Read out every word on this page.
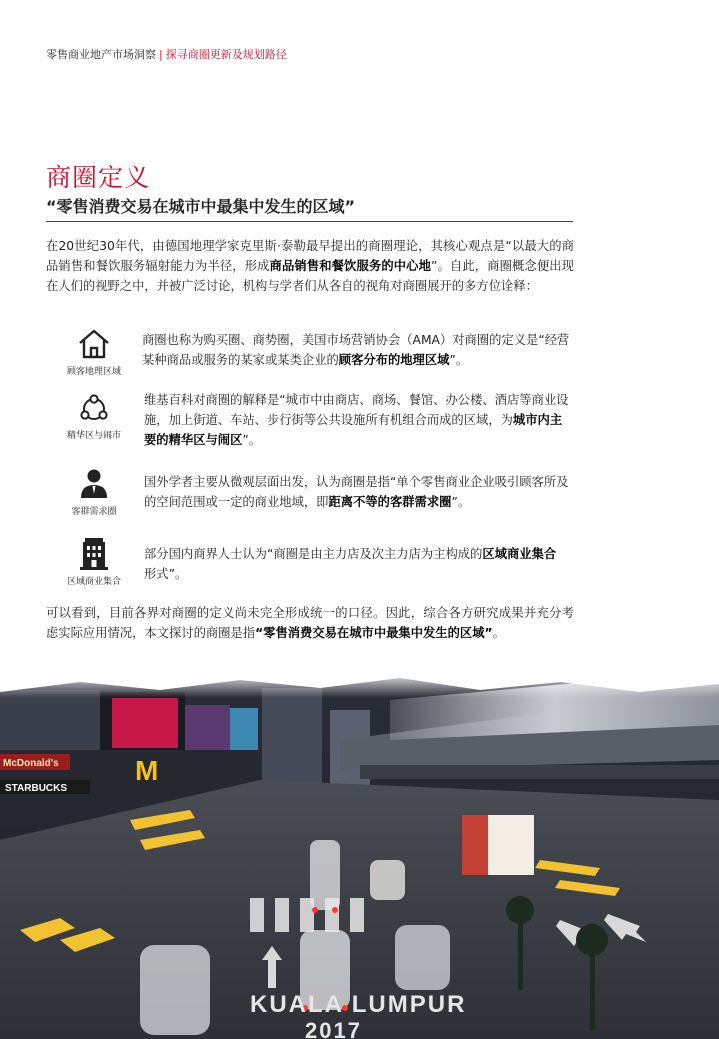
零售商业地产市场洞察 | 探寻商圈更新及规划路径
商圈定义
“零售消费交易在城市中最集中发生的区域”
在20世纪30年代，由德国地理学家克里斯·泰勒最早提出的商圈理论，其核心观点是“以最大的商品销售和餐饮服务辐射能力为半径，形成商品销售和餐饮服务的中心地”。自此，商圈概念便出现在人们的视野之中，并被广泛讨论，机构与学者们从各自的视角对商圈展开的多方位诠释：
顾客地理区域
商圈也称为购买圈、商势圈，美国市场营销协会（AMA）对商圈的定义是“经营某种商品或服务的某家或某类企业的顾客分布的地理区域”。
精华区与闹市
维基百科对商圈的解释是“城市中由商店、商场、餐馆、办公楼、酒店等商业设施，加上街道、车站、步行街等公共设施所有机组合而成的区域，为城市内主要的精华区与闹区”。
客群需求圈
国外学者主要从微观层面出发，认为商圈是指“单个零售商业企业吸引顾客所及的空间范围或一定的商业地域，即距离不等的客群需求圈”。
区域商业集合
部分国内商界人士认为“商圈是由主力店及次主力店为主构成的区域商业集合形式”。
可以看到，目前各界对商圈的定义尚未完全形成统一的口径。因此，综合各方研究成果并充分考虑实际应用情况，本文探讨的商圈是指“零售消费交易在城市中最集中发生的区域”。
McDonald's	M
STARBUCKS
KUALA LUMPUR
2017
